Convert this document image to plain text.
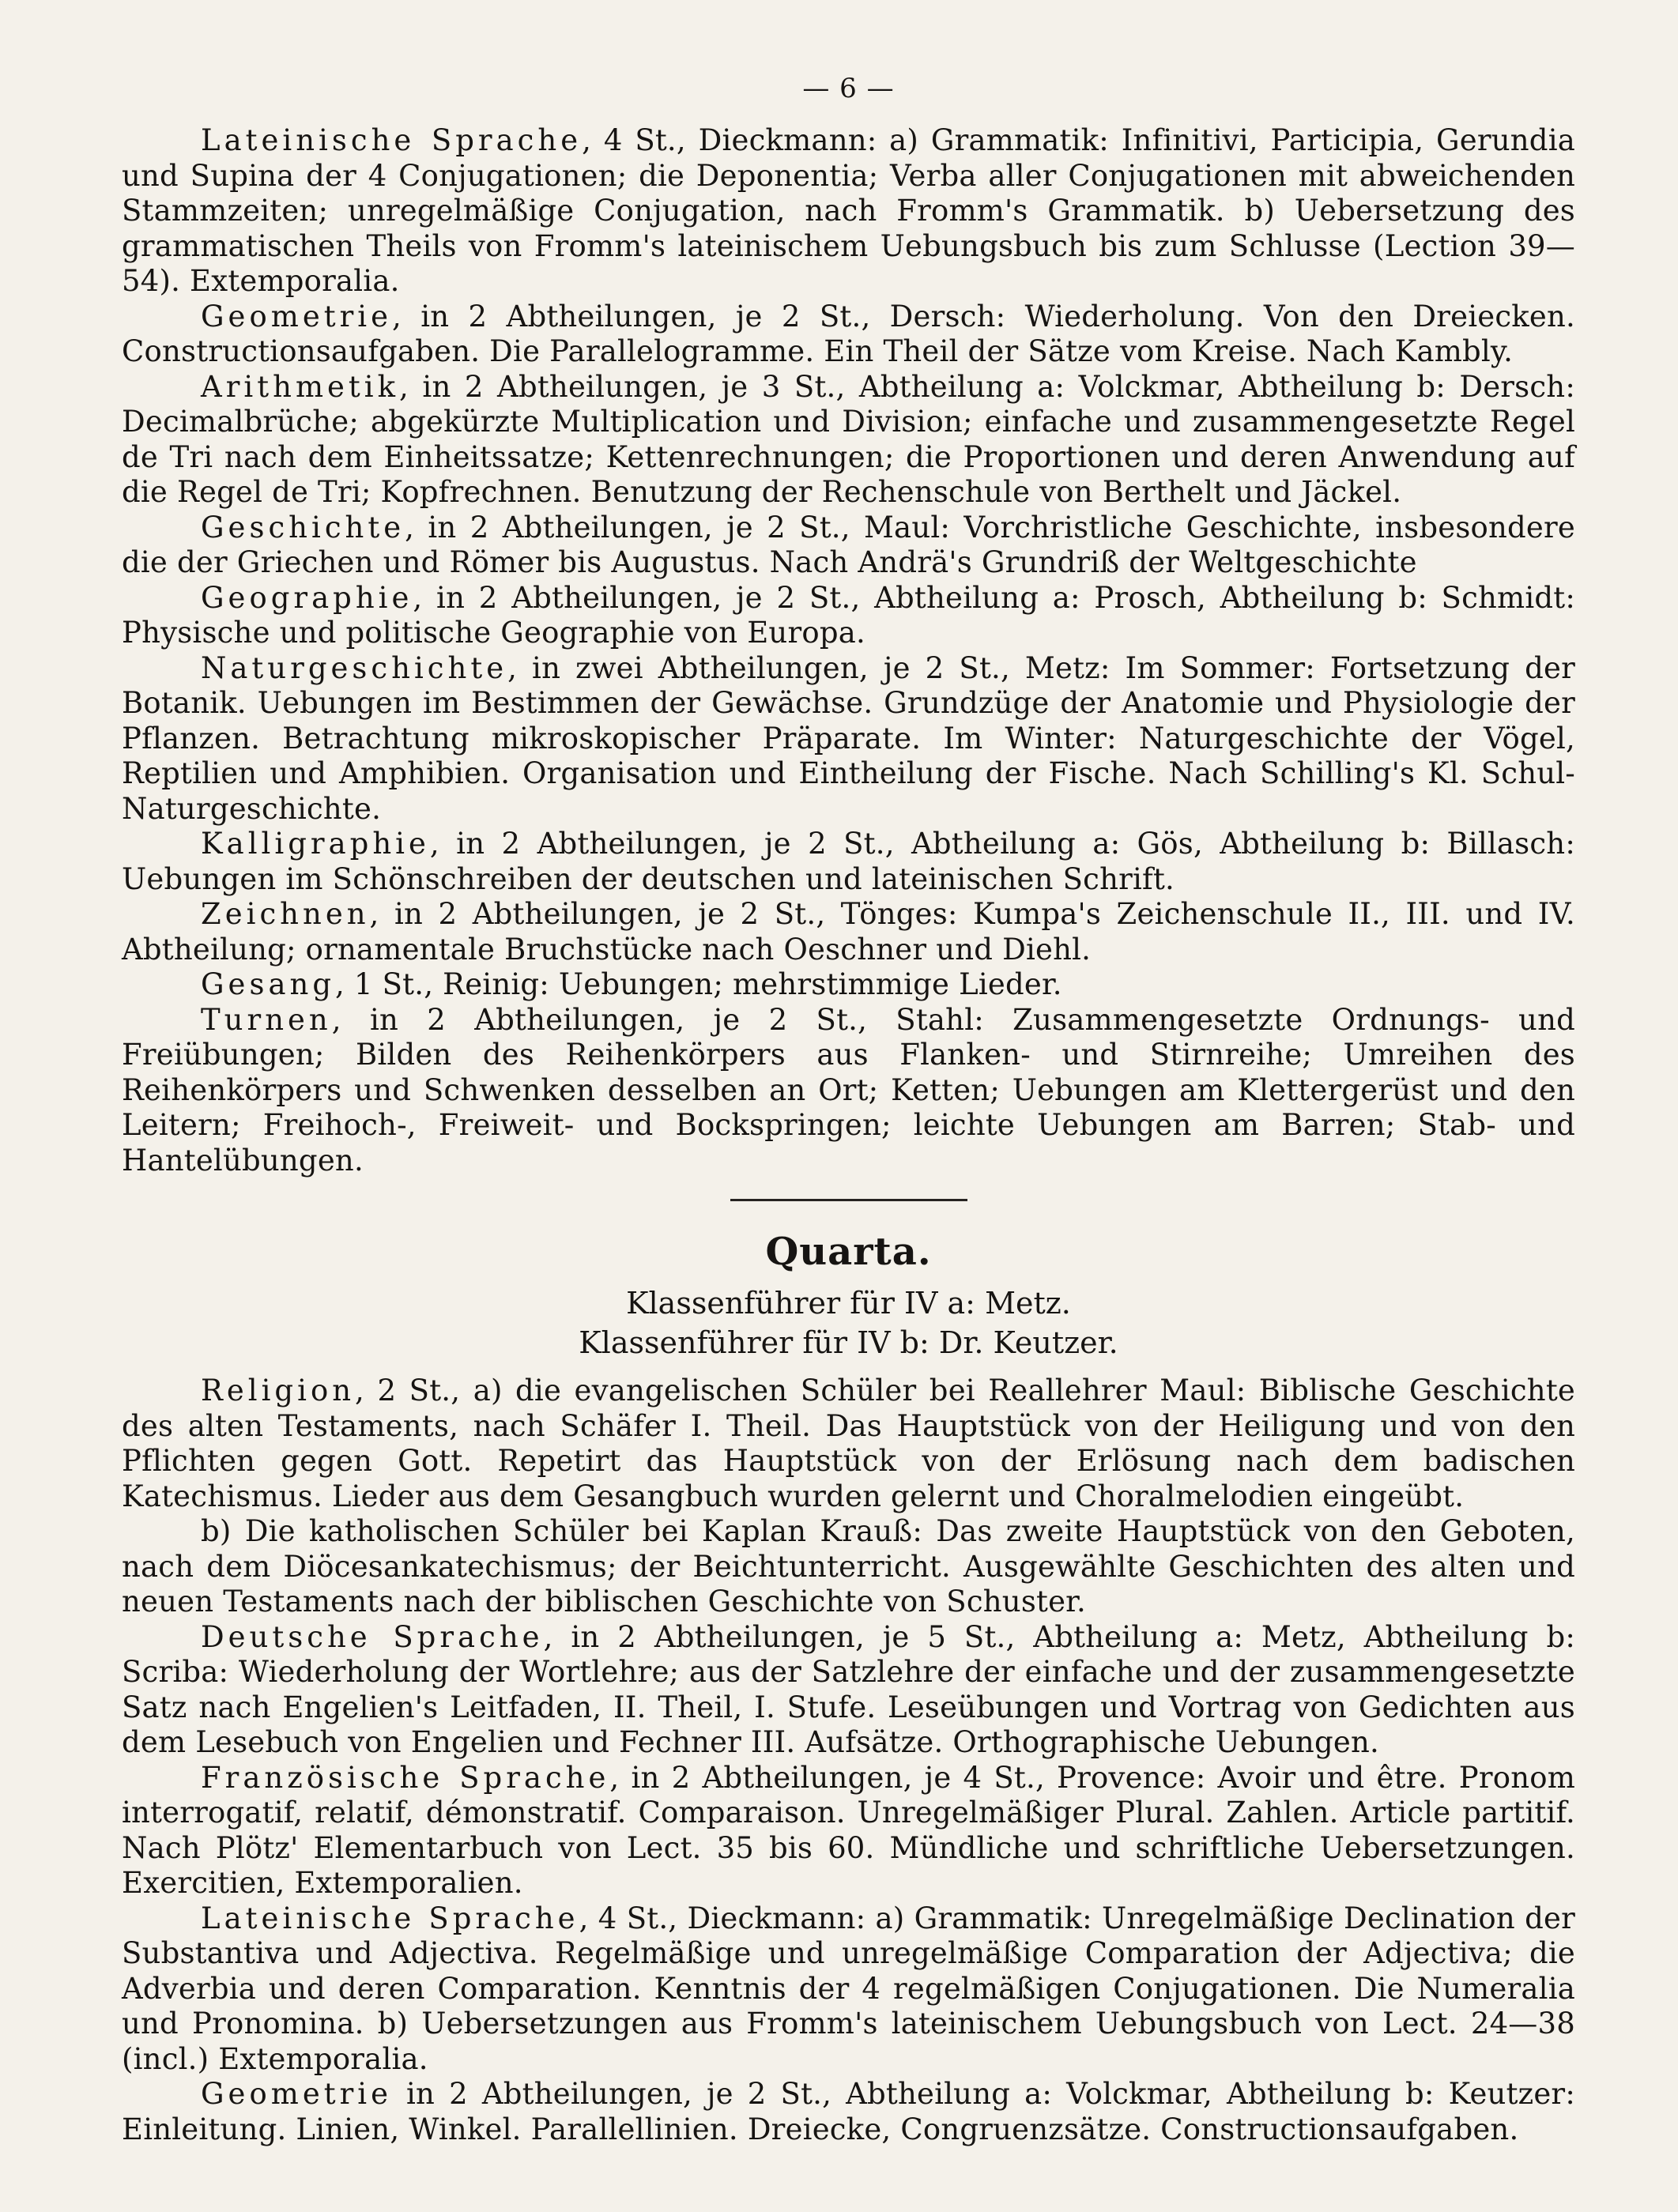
— 6 —

Lateinische Sprache, 4 St., Dieckmann: a) Grammatik: Infinitivi, Participia, Gerundia und Supina der 4 Conjugationen; die Deponentia; Verba aller Conjugationen mit abweichenden Stammzeiten; unregelmäßige Conjugation, nach Fromm's Grammatik. b) Uebersetzung des grammatischen Theils von Fromm's lateinischem Uebungsbuch bis zum Schlusse (Lection 39—54). Extemporalia.

Geometrie, in 2 Abtheilungen, je 2 St., Dersch: Wiederholung. Von den Dreiecken. Constructionsaufgaben. Die Parallelogramme. Ein Theil der Sätze vom Kreise. Nach Kambly.

Arithmetik, in 2 Abtheilungen, je 3 St., Abtheilung a: Volckmar, Abtheilung b: Dersch: Decimalbrüche; abgekürzte Multiplication und Division; einfache und zusammengesetzte Regel de Tri nach dem Einheitssatze; Kettenrechnungen; die Proportionen und deren Anwendung auf die Regel de Tri; Kopfrechnen. Benutzung der Rechenschule von Berthelt und Jäckel.

Geschichte, in 2 Abtheilungen, je 2 St., Maul: Vorchristliche Geschichte, insbesondere die der Griechen und Römer bis Augustus. Nach Andrä's Grundriß der Weltgeschichte

Geographie, in 2 Abtheilungen, je 2 St., Abtheilung a: Prosch, Abtheilung b: Schmidt: Physische und politische Geographie von Europa.

Naturgeschichte, in zwei Abtheilungen, je 2 St., Metz: Im Sommer: Fortsetzung der Botanik. Uebungen im Bestimmen der Gewächse. Grundzüge der Anatomie und Physiologie der Pflanzen. Betrachtung mikroskopischer Präparate. Im Winter: Naturgeschichte der Vögel, Reptilien und Amphibien. Organisation und Eintheilung der Fische. Nach Schilling's Kl. Schul-Naturgeschichte.

Kalligraphie, in 2 Abtheilungen, je 2 St., Abtheilung a: Gös, Abtheilung b: Billasch: Uebungen im Schönschreiben der deutschen und lateinischen Schrift.

Zeichnen, in 2 Abtheilungen, je 2 St., Tönges: Kumpa's Zeichenschule II., III. und IV. Abtheilung; ornamentale Bruchstücke nach Oeschner und Diehl.

Gesang, 1 St., Reinig: Uebungen; mehrstimmige Lieder.

Turnen, in 2 Abtheilungen, je 2 St., Stahl: Zusammengesetzte Ordnungs- und Freiübungen; Bilden des Reihenkörpers aus Flanken- und Stirnreihe; Umreihen des Reihenkörpers und Schwenken desselben an Ort; Ketten; Uebungen am Klettergerüst und den Leitern; Freihoch-, Freiweit- und Bockspringen; leichte Uebungen am Barren; Stab- und Hantelübungen.

Quarta.
Klassenführer für IV a: Metz.
Klassenführer für IV b: Dr. Keutzer.

Religion, 2 St., a) die evangelischen Schüler bei Reallehrer Maul: Biblische Geschichte des alten Testaments, nach Schäfer I. Theil. Das Hauptstück von der Heiligung und von den Pflichten gegen Gott. Repetirt das Hauptstück von der Erlösung nach dem badischen Katechismus. Lieder aus dem Gesangbuch wurden gelernt und Choralmelodien eingeübt.

b) Die katholischen Schüler bei Kaplan Krauß: Das zweite Hauptstück von den Geboten, nach dem Diöcesankatechismus; der Beichtunterricht. Ausgewählte Geschichten des alten und neuen Testaments nach der biblischen Geschichte von Schuster.

Deutsche Sprache, in 2 Abtheilungen, je 5 St., Abtheilung a: Metz, Abtheilung b: Scriba: Wiederholung der Wortlehre; aus der Satzlehre der einfache und der zusammengesetzte Satz nach Engelien's Leitfaden, II. Theil, I. Stufe. Leseübungen und Vortrag von Gedichten aus dem Lesebuch von Engelien und Fechner III. Aufsätze. Orthographische Uebungen.

Französische Sprache, in 2 Abtheilungen, je 4 St., Provence: Avoir und être. Pronom interrogatif, relatif, démonstratif. Comparaison. Unregelmäßiger Plural. Zahlen. Article partitif. Nach Plötz' Elementarbuch von Lect. 35 bis 60. Mündliche und schriftliche Uebersetzungen. Exercitien, Extemporalien.

Lateinische Sprache, 4 St., Dieckmann: a) Grammatik: Unregelmäßige Declination der Substantiva und Adjectiva. Regelmäßige und unregelmäßige Comparation der Adjectiva; die Adverbia und deren Comparation. Kenntnis der 4 regelmäßigen Conjugationen. Die Numeralia und Pronomina. b) Uebersetzungen aus Fromm's lateinischem Uebungsbuch von Lect. 24—38 (incl.) Extemporalia.

Geometrie in 2 Abtheilungen, je 2 St., Abtheilung a: Volckmar, Abtheilung b: Keutzer: Einleitung. Linien, Winkel. Parallellinien. Dreiecke, Congruenzsätze. Constructionsaufgaben.
